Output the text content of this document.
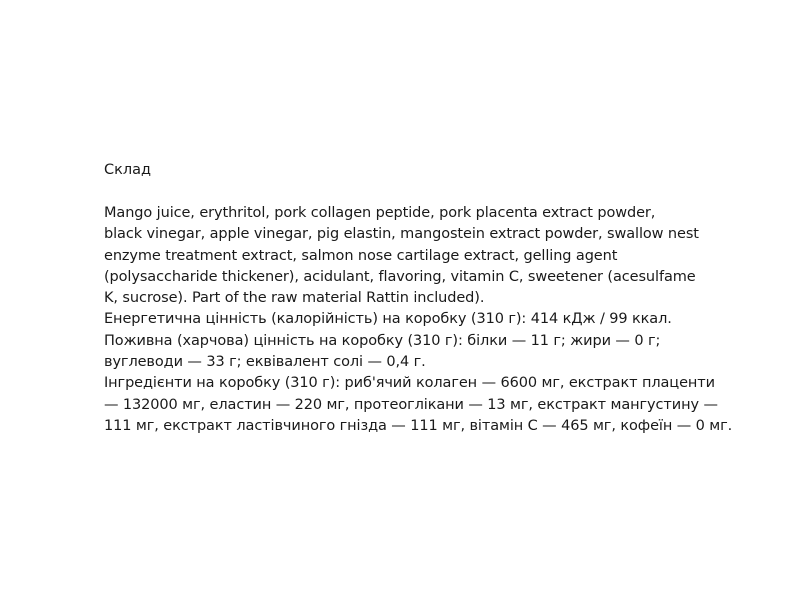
Склад

Mango juice, erythritol, pork collagen peptide, pork placenta extract powder,
black vinegar, apple vinegar, pig elastin, mangostein extract powder, swallow nest
enzyme treatment extract, salmon nose cartilage extract, gelling agent
(polysaccharide thickener), acidulant, flavoring, vitamin C, sweetener (acesulfame
K, sucrose). Part of the raw material Rattin included).
Енергетична цінність (калорійність) на коробку (310 г): 414 кДж / 99 ккал.
Поживна (харчова) цінність на коробку (310 г): білки — 11 г; жири — 0 г;
вуглеводи — 33 г; еквівалент солі — 0,4 г.
Інгредієнти на коробку (310 г): риб'ячий колаген — 6600 мг, екстракт плаценти
— 132000 мг, еластин — 220 мг, протеоглікани — 13 мг, екстракт мангустину —
111 мг, екстракт ластівчиного гнізда — 111 мг, вітамін С — 465 мг, кофеїн — 0 мг.
